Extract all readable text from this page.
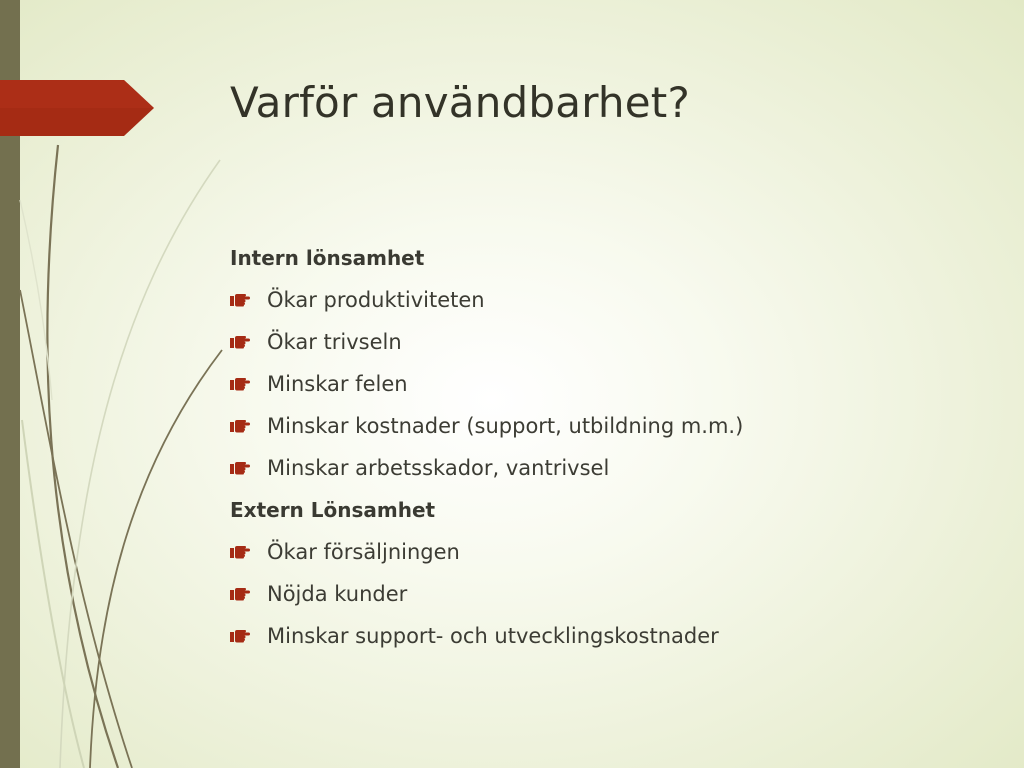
Varför användbarhet?
Intern lönsamhet
Ökar produktiviteten
Ökar trivseln
Minskar felen
Minskar kostnader (support, utbildning m.m.)
Minskar arbetsskador, vantrivsel
Extern Lönsamhet
Ökar försäljningen
Nöjda kunder
Minskar support- och utvecklingskostnader
